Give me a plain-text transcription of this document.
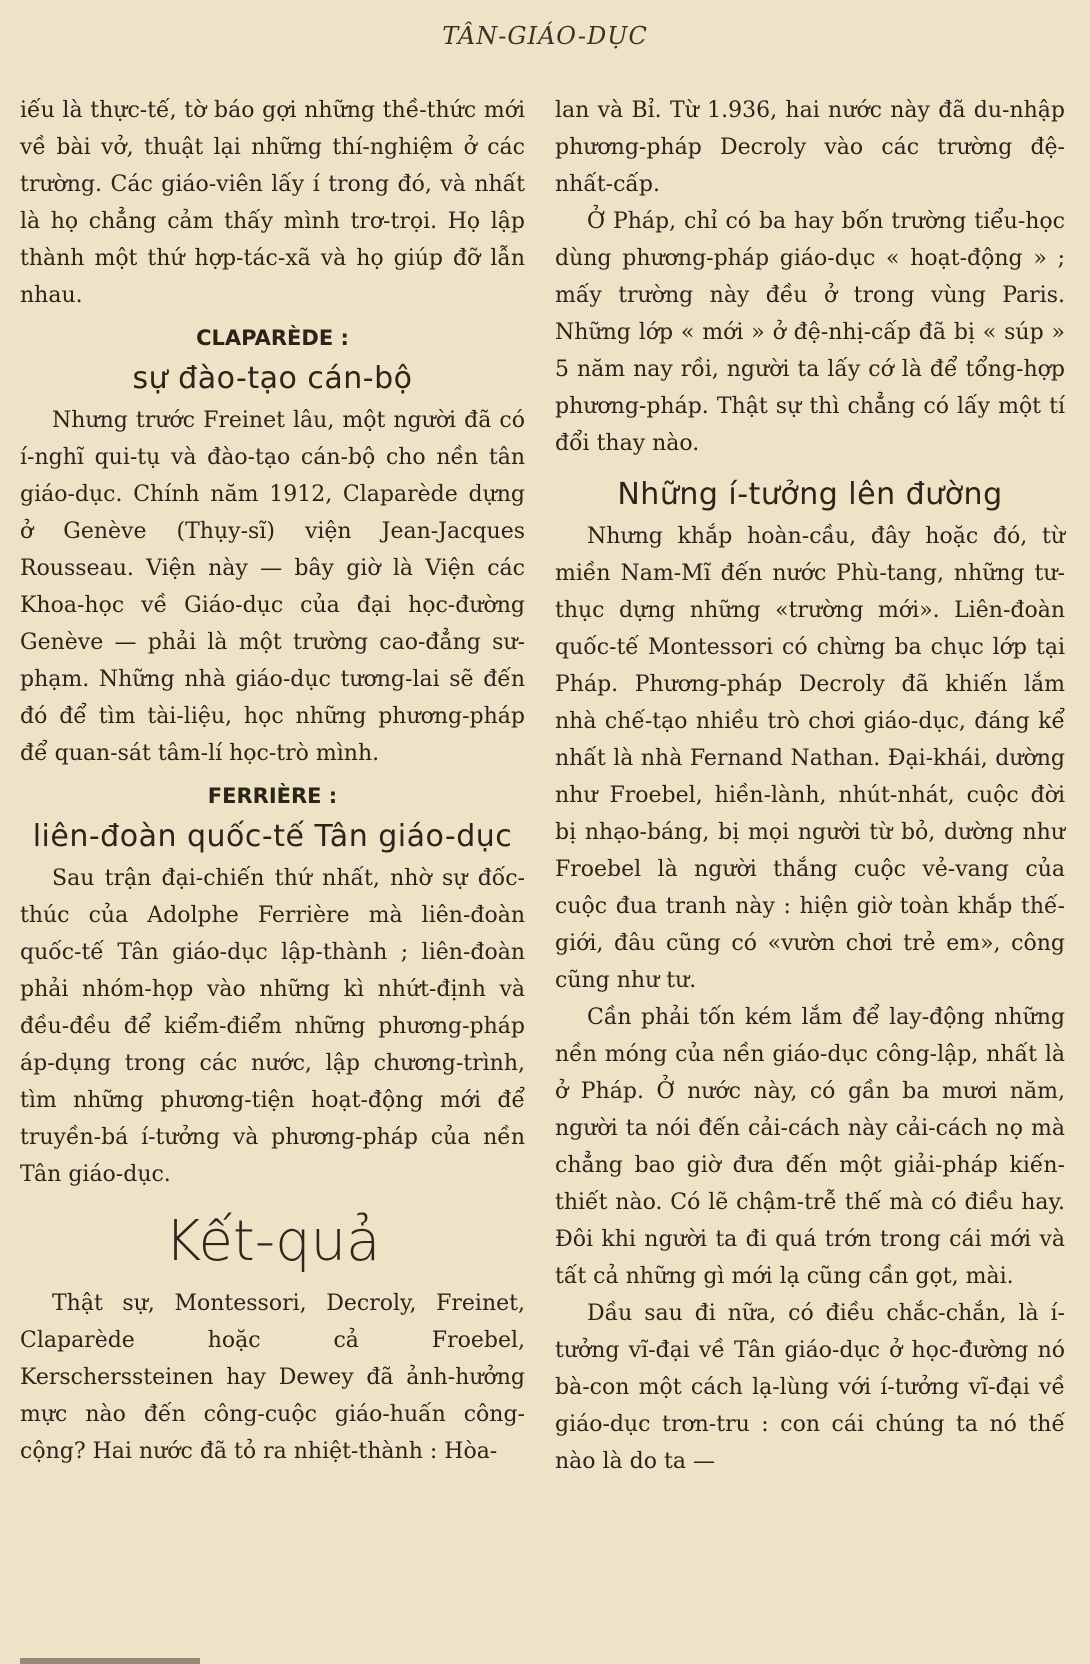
TÂN-GIÁO-DỤC

iếu là thực-tế, tờ báo gợi những thề-thức mới về bài vở, thuật lại những thí-nghiệm ở các trường. Các giáo-viên lấy í trong đó, và nhất là họ chẳng cảm thấy mình trơ-trọi. Họ lập thành một thứ hợp-tác-xã và họ giúp đỡ lẫn nhau.

CLAPARÈDE :
sự đào-tạo cán-bộ

Nhưng trước Freinet lâu, một người đã có í-nghĩ qui-tụ và đào-tạo cán-bộ cho nền tân giáo-dục. Chính năm 1912, Claparède dựng ở Genève (Thụy-sĩ) viện Jean-Jacques Rousseau. Viện này — bây giờ là Viện các Khoa-học về Giáo-dục của đại học-đường Genève — phải là một trường cao-đẳng sư-phạm. Những nhà giáo-dục tương-lai sẽ đến đó để tìm tài-liệu, học những phương-pháp để quan-sát tâm-lí học-trò mình.

FERRIÈRE :
liên-đoàn quốc-tế Tân giáo-dục

Sau trận đại-chiến thứ nhất, nhờ sự đốc-thúc của Adolphe Ferrière mà liên-đoàn quốc-tế Tân giáo-dục lập-thành ; liên-đoàn phải nhóm-họp vào những kì nhứt-định và đều-đều để kiểm-điểm những phương-pháp áp-dụng trong các nước, lập chương-trình, tìm những phương-tiện hoạt-động mới để truyền-bá í-tưởng và phương-pháp của nền Tân giáo-dục.

Kết-quả

Thật sự, Montessori, Decroly, Freinet, Claparède hoặc cả Froebel, Kerscherssteinen hay Dewey đã ảnh-hưởng mực nào đến công-cuộc giáo-huấn công-cộng? Hai nước đã tỏ ra nhiệt-thành : Hòa-

lan và Bỉ. Từ 1.936, hai nước này đã du-nhập phương-pháp Decroly vào các trường đệ-nhất-cấp.

Ở Pháp, chỉ có ba hay bốn trường tiểu-học dùng phương-pháp giáo-dục « hoạt-động » ; mấy trường này đều ở trong vùng Paris. Những lớp « mới » ở đệ-nhị-cấp đã bị « súp » 5 năm nay rồi, người ta lấy cớ là để tổng-hợp phương-pháp. Thật sự thì chẳng có lấy một tí đổi thay nào.

Những í-tưởng lên đường

Nhưng khắp hoàn-cầu, đây hoặc đó, từ miền Nam-Mĩ đến nước Phù-tang, những tư-thục dựng những «trường mới». Liên-đoàn quốc-tế Montessori có chừng ba chục lớp tại Pháp. Phương-pháp Decroly đã khiến lắm nhà chế-tạo nhiều trò chơi giáo-dục, đáng kể nhất là nhà Fernand Nathan. Đại-khái, dường như Froebel, hiền-lành, nhút-nhát, cuộc đời bị nhạo-báng, bị mọi người từ bỏ, dường như Froebel là người thắng cuộc vẻ-vang của cuộc đua tranh này : hiện giờ toàn khắp thế-giới, đâu cũng có «vườn chơi trẻ em», công cũng như tư.

Cần phải tốn kém lắm để lay-động những nền móng của nền giáo-dục công-lập, nhất là ở Pháp. Ở nước này, có gần ba mươi năm, người ta nói đến cải-cách này cải-cách nọ mà chẳng bao giờ đưa đến một giải-pháp kiến-thiết nào. Có lẽ chậm-trễ thế mà có điều hay. Đôi khi người ta đi quá trớn trong cái mới và tất cả những gì mới lạ cũng cần gọt, mài.

Dầu sau đi nữa, có điều chắc-chắn, là í-tưởng vĩ-đại về Tân giáo-dục ở học-đường nó bà-con một cách lạ-lùng với í-tưởng vĩ-đại về giáo-dục trơn-tru : con cái chúng ta nó thế nào là do ta —
